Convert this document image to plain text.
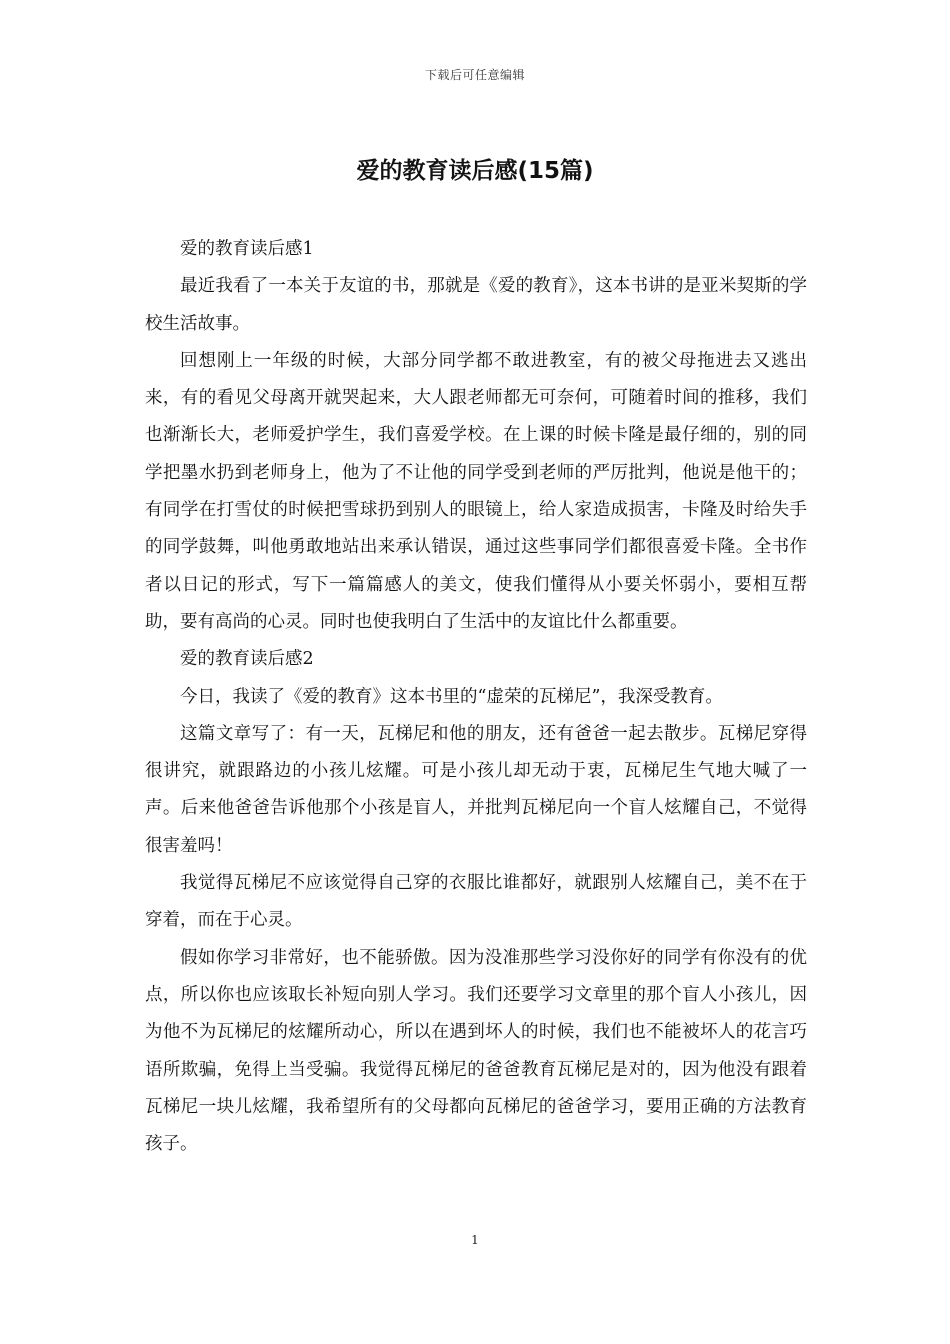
下载后可任意编辑
爱的教育读后感(15篇)

爱的教育读后感1

最近我看了一本关于友谊的书，那就是《爱的教育》，这本书讲的是亚米契斯的学校生活故事。

回想刚上一年级的时候，大部分同学都不敢进教室，有的被父母拖进去又逃出来，有的看见父母离开就哭起来，大人跟老师都无可奈何，可随着时间的推移，我们也渐渐长大，老师爱护学生，我们喜爱学校。在上课的时候卡隆是最仔细的，别的同学把墨水扔到老师身上，他为了不让他的同学受到老师的严厉批判，他说是他干的；有同学在打雪仗的时候把雪球扔到别人的眼镜上，给人家造成损害，卡隆及时给失手的同学鼓舞，叫他勇敢地站出来承认错误，通过这些事同学们都很喜爱卡隆。全书作者以日记的形式，写下一篇篇感人的美文，使我们懂得从小要关怀弱小，要相互帮助，要有高尚的心灵。同时也使我明白了生活中的友谊比什么都重要。

爱的教育读后感2

今日，我读了《爱的教育》这本书里的“虚荣的瓦梯尼”，我深受教育。

这篇文章写了：有一天，瓦梯尼和他的朋友，还有爸爸一起去散步。瓦梯尼穿得很讲究，就跟路边的小孩儿炫耀。可是小孩儿却无动于衷，瓦梯尼生气地大喊了一声。后来他爸爸告诉他那个小孩是盲人，并批判瓦梯尼向一个盲人炫耀自己，不觉得很害羞吗！

我觉得瓦梯尼不应该觉得自己穿的衣服比谁都好，就跟别人炫耀自己，美不在于穿着，而在于心灵。

假如你学习非常好，也不能骄傲。因为没准那些学习没你好的同学有你没有的优点，所以你也应该取长补短向别人学习。我们还要学习文章里的那个盲人小孩儿，因为他不为瓦梯尼的炫耀所动心，所以在遇到坏人的时候，我们也不能被坏人的花言巧语所欺骗，免得上当受骗。我觉得瓦梯尼的爸爸教育瓦梯尼是对的，因为他没有跟着瓦梯尼一块儿炫耀，我希望所有的父母都向瓦梯尼的爸爸学习，要用正确的方法教育孩子。

1
